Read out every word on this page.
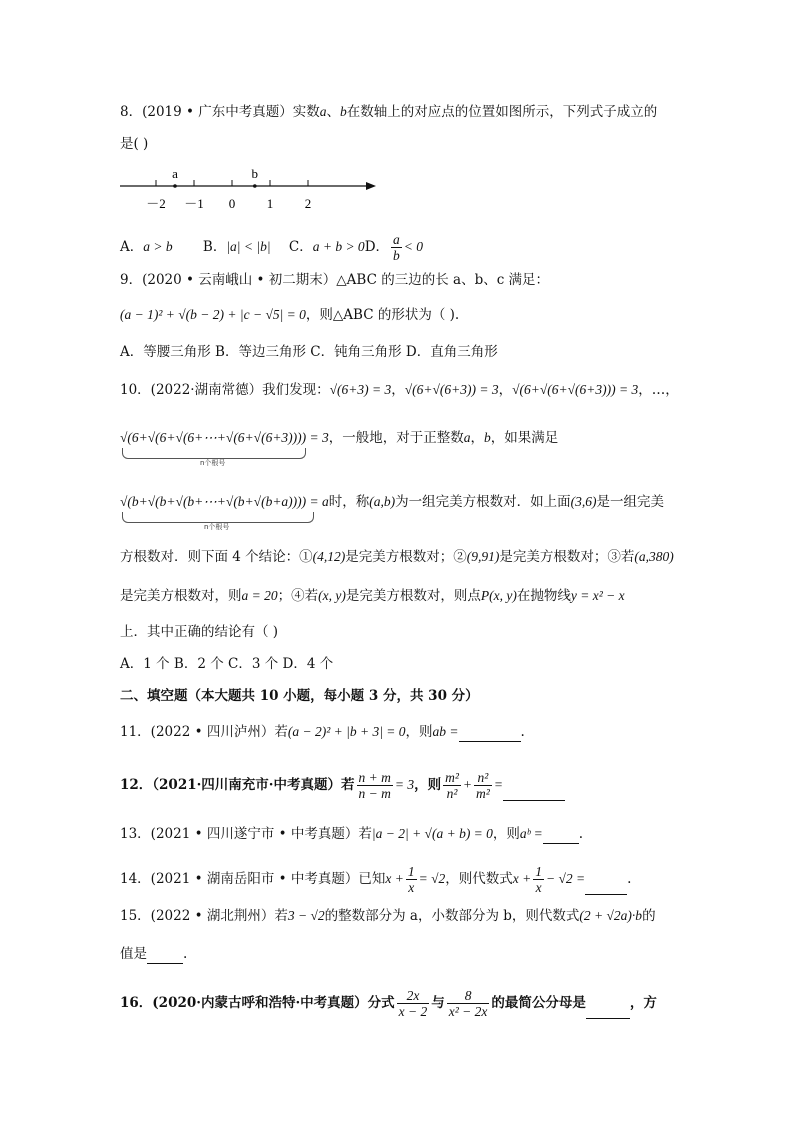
8．(2019 • 广东中考真题）实数a、b在数轴上的对应点的位置如图所示，下列式子成立的
是( )
－2 －1 0 1 2
a	b
A．a > b B．|a| < |b| C．a + b > 0D． $\frac{a}{b} < 0$
9．(2020 • 云南峨山 • 初二期末）△ABC 的三边的长 a、b、c 满足：
(a − 1)² + √(b − 2) + |c − √5| = 0，则△ABC 的形状为（ ).
A．等腰三角形 B．等边三角形 C．钝角三角形 D．直角三角形
10．(2022·湖南常德）我们发现：√(6+3) = 3，√(6+√(6+3)) = 3，√(6+√(6+√(6+3))) = 3，…，
√(6+√(6+√(6+⋯+√(6+√(6+3)))) = 3，一般地，对于正整数a，b，如果满足
n个根号
√(b+√(b+√(b+⋯+√(b+√(b+a)))) = a时，称(a,b)为一组完美方根数对．如上面(3,6)是一组完美
n个根号
方根数对．则下面 4 个结论：①(4,12)是完美方根数对；②(9,91)是完美方根数对；③若(a,380)
是完美方根数对，则a = 20；④若(x, y)是完美方根数对，则点P(x, y)在抛物线y = x² − x
上．其中正确的结论有（ )
A．1 个 B．2 个 C．3 个 D．4 个
二、填空题（本大题共 10 小题，每小题 3 分，共 30 分）
11．(2022 • 四川泸州）若(a − 2)² + |b + 3| = 0，则ab =	.
12．（2021·四川南充市·中考真题）若 $\frac{n + m}{n - m} = 3$，则 $\frac{\text{m²}}{\text{n²}} + \frac{\text{n²}}{\text{m²}}$ =
13．(2021 • 四川遂宁市 • 中考真题）若|a − 2| + √(a + b) = 0，则aᵇ =	.
14．(2021 • 湖南岳阳市 • 中考真题）已知$x + \frac{1}{x} = √2$，则代数式$x + \frac{1}{x} - √2$ =	.
15．(2022 • 湖北荆州）若3 − √2的整数部分为 a，小数部分为 b，则代数式(2 + √2a)·b的
值是	.
16．(2020·内蒙古呼和浩特·中考真题）分式 $\frac{2x}{x - 2}$ 与 $\frac{8}{\text{x² − 2x}}$ 的最简公分母是	，方
